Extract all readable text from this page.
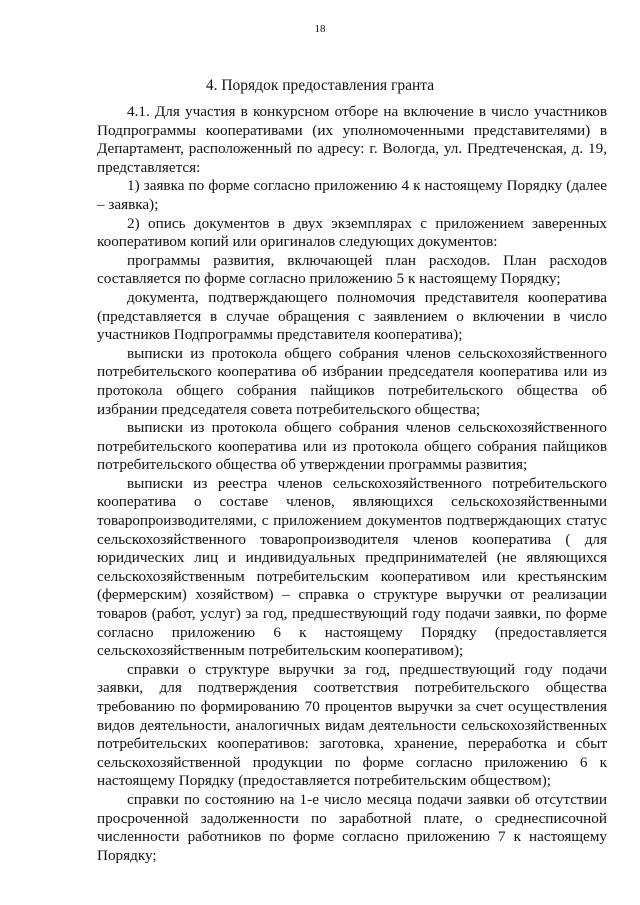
18
4. Порядок предоставления гранта

4.1. Для участия в конкурсном отборе на включение в число участников Подпрограммы кооперативами (их уполномоченными представителями) в Департамент, расположенный по адресу: г. Вологда, ул. Предтеченская, д. 19, представляется:

1) заявка по форме согласно приложению 4 к настоящему Порядку (далее – заявка);

2) опись документов в двух экземплярах с приложением заверенных кооперативом копий или оригиналов следующих документов:

программы развития, включающей план расходов. План расходов составляется по форме согласно приложению 5 к настоящему Порядку;

документа, подтверждающего полномочия представителя кооператива (представляется в случае обращения с заявлением о включении в число участников Подпрограммы представителя кооператива);

выписки из протокола общего собрания членов сельскохозяйственного потребительского кооператива об избрании председателя кооператива или из протокола общего собрания пайщиков потребительского общества об избрании председателя совета потребительского общества;

выписки из протокола общего собрания членов сельскохозяйственного потребительского кооператива или из протокола общего собрания пайщиков потребительского общества об утверждении программы развития;

выписки из реестра членов сельскохозяйственного потребительского кооператива о составе членов, являющихся сельскохозяйственными товаропроизводителями, с приложением документов подтверждающих статус сельскохозяйственного товаропроизводителя членов кооператива ( для юридических лиц и индивидуальных предпринимателей (не являющихся сельскохозяйственным потребительским кооперативом или крестьянским (фермерским) хозяйством) – справка о структуре выручки от реализации товаров (работ, услуг) за год, предшествующий году подачи заявки, по форме согласно приложению 6 к настоящему Порядку (предоставляется сельскохозяйственным потребительским кооперативом);

справки о структуре выручки за год, предшествующий году подачи заявки, для подтверждения соответствия потребительского общества требованию по формированию 70 процентов выручки за счет осуществления видов деятельности, аналогичных видам деятельности сельскохозяйственных потребительских кооперативов: заготовка, хранение, переработка и сбыт сельскохозяйственной продукции по форме согласно приложению 6 к настоящему Порядку (предоставляется потребительским обществом);

справки по состоянию на 1-е число месяца подачи заявки об отсутствии просроченной задолженности по заработной плате, о среднесписочной численности работников по форме согласно приложению 7 к настоящему Порядку;
